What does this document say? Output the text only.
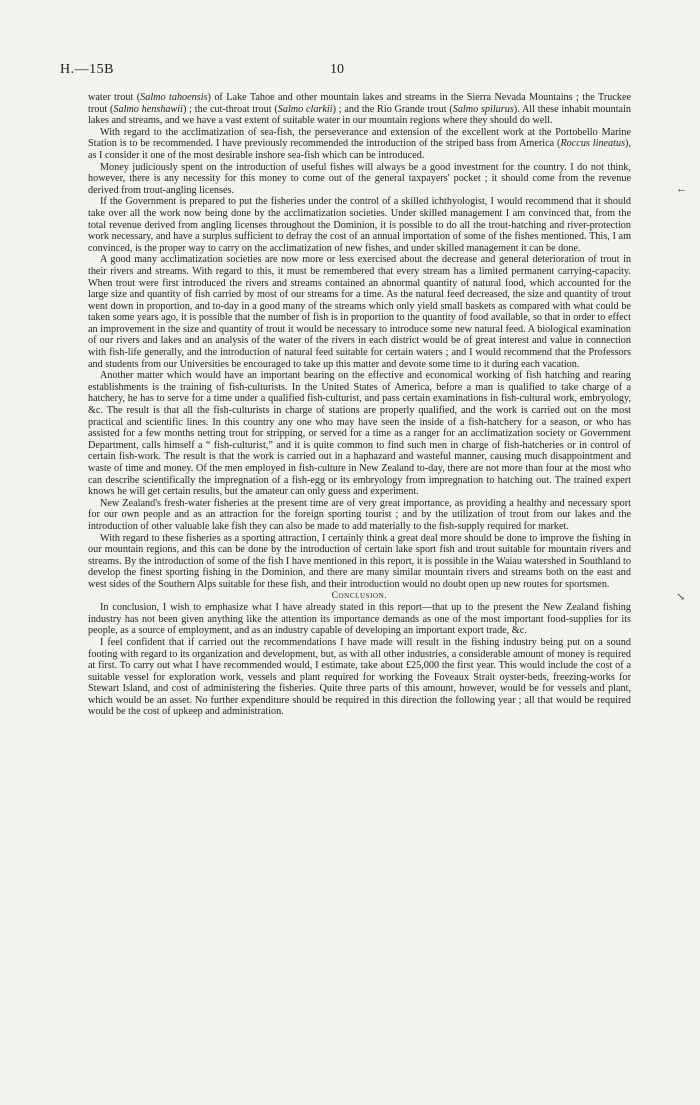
H.—15B	10
←
↘

water trout (Salmo tahoensis) of Lake Tahoe and other mountain lakes and streams in the Sierra Nevada Mountains ; the Truckee trout (Salmo henshawii) ; the cut-throat trout (Salmo clarkii) ; and the Rio Grande trout (Salmo spilurus). All these inhabit mountain lakes and streams, and we have a vast extent of suitable water in our mountain regions where they should do well.

With regard to the acclimatization of sea-fish, the perseverance and extension of the excellent work at the Portobello Marine Station is to be recommended. I have previously recommended the introduction of the striped bass from America (Roccus lineatus), as I consider it one of the most desirable inshore sea-fish which can be introduced.

Money judiciously spent on the introduction of useful fishes will always be a good investment for the country. I do not think, however, there is any necessity for this money to come out of the general taxpayers' pocket ; it should come from the revenue derived from trout-angling licenses.

If the Government is prepared to put the fisheries under the control of a skilled ichthyologist, I would recommend that it should take over all the work now being done by the acclimatization societies. Under skilled management I am convinced that, from the total revenue derived from angling licenses throughout the Dominion, it is possible to do all the trout-hatching and river-protection work necessary, and have a surplus sufficient to defray the cost of an annual importation of some of the fishes mentioned. This, I am convinced, is the proper way to carry on the acclimatization of new fishes, and under skilled management it can be done.

A good many acclimatization societies are now more or less exercised about the decrease and general deterioration of trout in their rivers and streams. With regard to this, it must be remembered that every stream has a limited permanent carrying-capacity. When trout were first introduced the rivers and streams contained an abnormal quantity of natural food, which accounted for the large size and quantity of fish carried by most of our streams for a time. As the natural feed decreased, the size and quantity of trout went down in proportion, and to-day in a good many of the streams which only yield small baskets as compared with what could be taken some years ago, it is possible that the number of fish is in proportion to the quantity of food available, so that in order to effect an improvement in the size and quantity of trout it would be necessary to introduce some new natural feed. A biological examination of our rivers and lakes and an analysis of the water of the rivers in each district would be of great interest and value in connection with fish-life generally, and the introduction of natural feed suitable for certain waters ; and I would recommend that the Professors and students from our Universities be encouraged to take up this matter and devote some time to it during each vacation.

Another matter which would have an important bearing on the effective and economical working of fish hatching and rearing establishments is the training of fish-culturists. In the United States of America, before a man is qualified to take charge of a hatchery, he has to serve for a time under a qualified fish-culturist, and pass certain examinations in fish-cultural work, embryology, &c. The result is that all the fish-culturists in charge of stations are properly qualified, and the work is carried out on the most practical and scientific lines. In this country any one who may have seen the inside of a fish-hatchery for a season, or who has assisted for a few months netting trout for stripping, or served for a time as a ranger for an acclimatization society or Government Department, calls himself a “ fish-culturist,” and it is quite common to find such men in charge of fish-hatcheries or in control of certain fish-work. The result is that the work is carried out in a haphazard and wasteful manner, causing much disappointment and waste of time and money. Of the men employed in fish-culture in New Zealand to-day, there are not more than four at the most who can describe scientifically the impregnation of a fish-egg or its embryology from impregnation to hatching out. The trained expert knows he will get certain results, but the amateur can only guess and experiment.

New Zealand's fresh-water fisheries at the present time are of very great importance, as providing a healthy and necessary sport for our own people and as an attraction for the foreign sporting tourist ; and by the utilization of trout from our lakes and the introduction of other valuable lake fish they can also be made to add materially to the fish-supply required for market.

With regard to these fisheries as a sporting attraction, I certainly think a great deal more should be done to improve the fishing in our mountain regions, and this can be done by the introduction of certain lake sport fish and trout suitable for mountain rivers and streams. By the introduction of some of the fish I have mentioned in this report, it is possible in the Waiau watershed in Southland to develop the finest sporting fishing in the Dominion, and there are many similar mountain rivers and streams both on the east and west sides of the Southern Alps suitable for these fish, and their introduction would no doubt open up new routes for sportsmen.

Conclusion.

In conclusion, I wish to emphasize what I have already stated in this report—that up to the present the New Zealand fishing industry has not been given anything like the attention its importance demands as one of the most important food-supplies for its people, as a source of employment, and as an industry capable of developing an important export trade, &c.

I feel confident that if carried out the recommendations I have made will result in the fishing industry being put on a sound footing with regard to its organization and development, but, as with all other industries, a considerable amount of money is required at first. To carry out what I have recommended would, I estimate, take about £25,000 the first year. This would include the cost of a suitable vessel for exploration work, vessels and plant required for working the Foveaux Strait oyster-beds, freezing-works for Stewart Island, and cost of administering the fisheries. Quite three parts of this amount, however, would be for vessels and plant, which would be an asset. No further expenditure should be required in this direction the following year ; all that would be required would be the cost of upkeep and administration.
